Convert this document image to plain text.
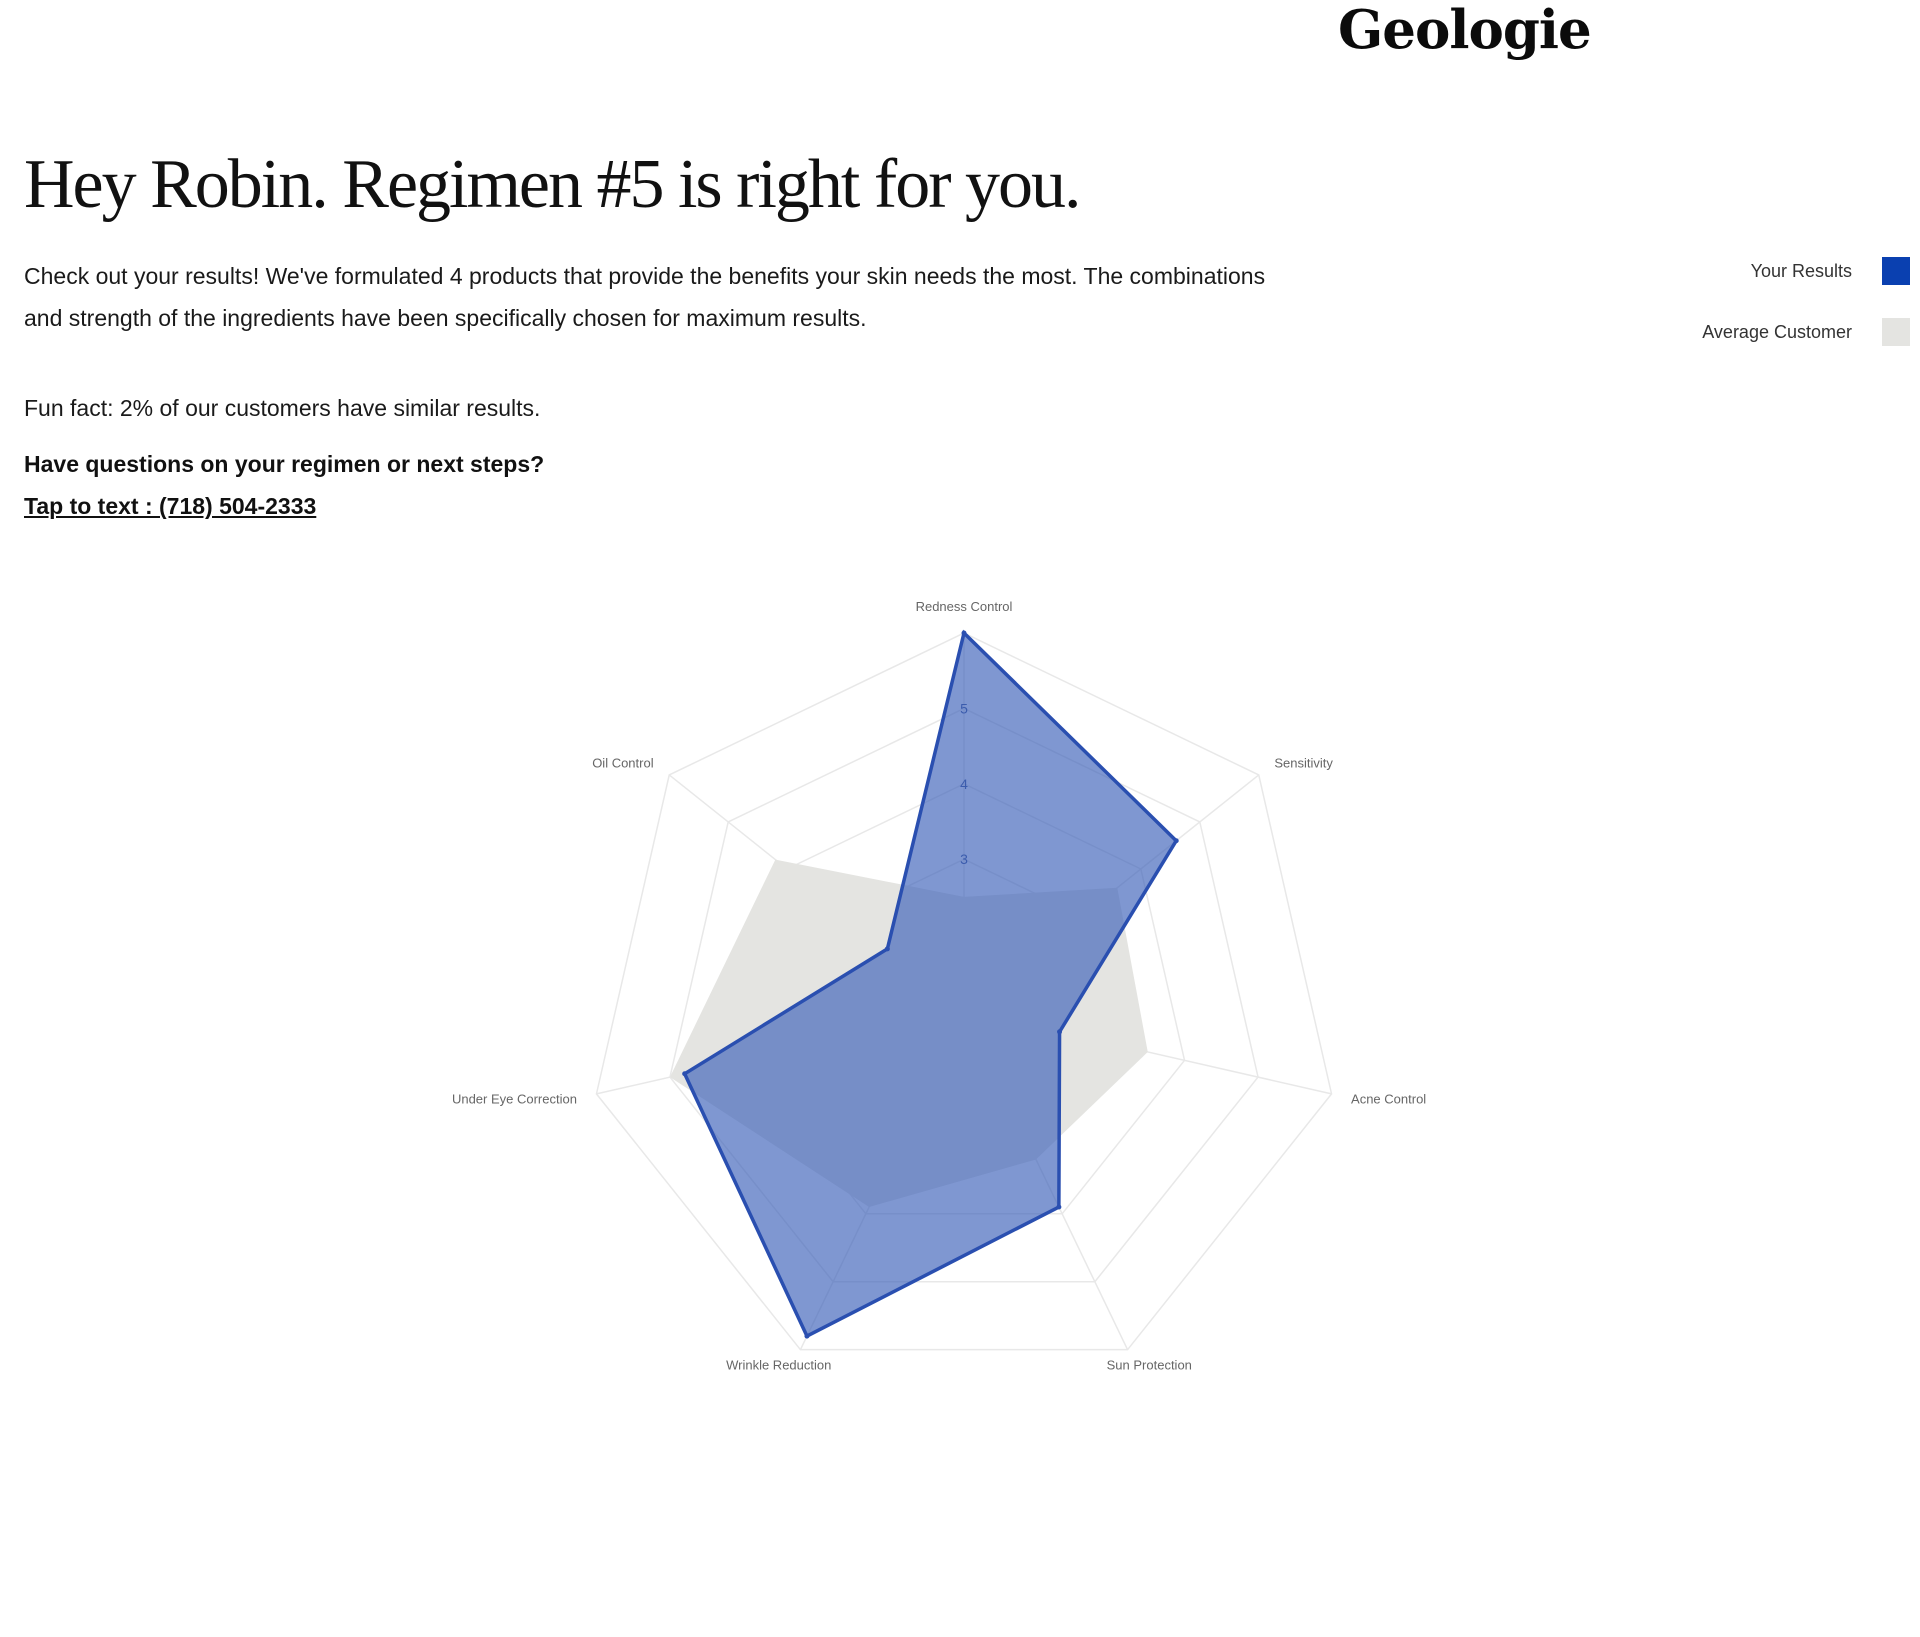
Geologie
Hey Robin. Regimen #5 is right for you.

Check out your results! We've formulated 4 products that provide the benefits your skin needs the most. The combinations and strength of the ingredients have been specifically chosen for maximum results.

Fun fact: 2% of our customers have similar results.

Have questions on your regimen or next steps?

Tap to text : (718) 504-2333
Your Results
Average Customer
3
4
5
Redness Control
Sensitivity
Acne Control
Sun Protection
Wrinkle Reduction
Under Eye Correction
Oil Control
